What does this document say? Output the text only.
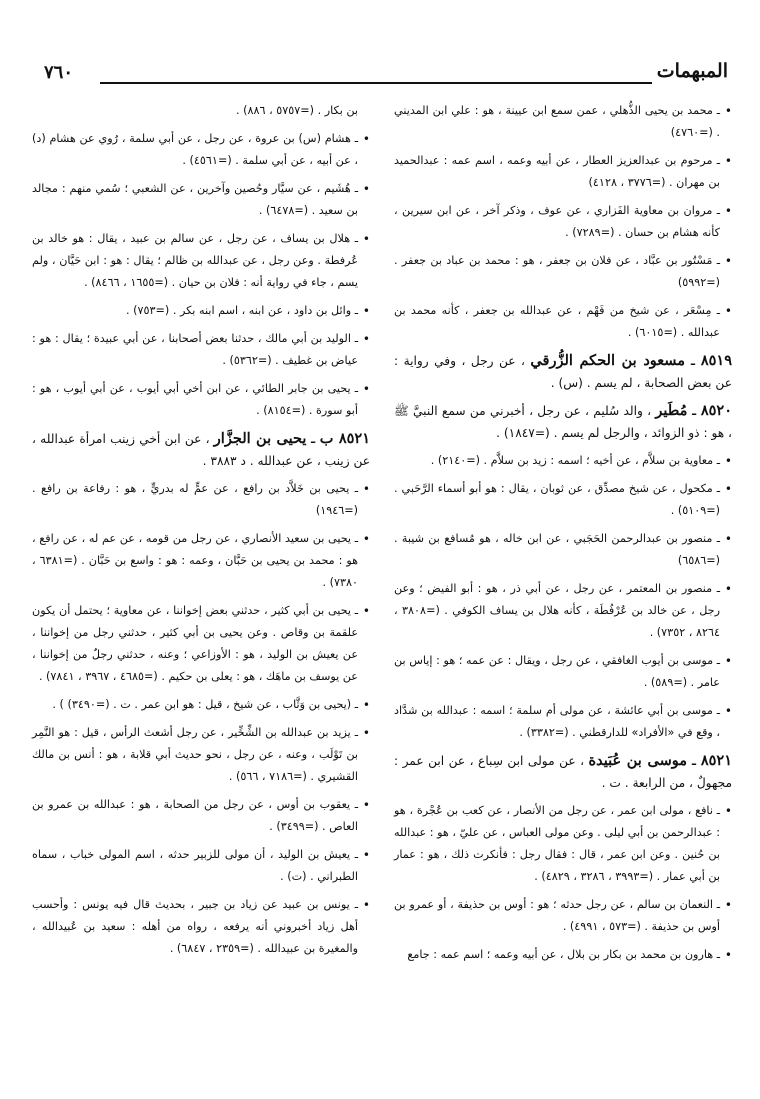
المبهمات
٧٦٠
• ـ محمد بن يحيى الذُّهلي ، عمن سمع ابن عيينة ، هو : علي ابن المديني . (=٤٧٦٠)
• ـ مرحوم بن عبدالعزيز العطار ، عن أبيه وعمه ، اسم عمه : عبدالحميد بن مهران . (=٣٧٧٦ ، ٤١٢٨)
• ـ مروان بن معاوية الفَزاري ، عن عوف ، وذكر آخر ، عن ابن سيرين ، كأنه هشام بن حسان . (=٧٢٨٩) .
• ـ مَسْتُور بن عبَّاد ، عن فلان بن جعفر ، هو : محمد بن عباد بن جعفر . (=٥٩٩٢)
• ـ مِسْعَر ، عن شيخ من فَهْم ، عن عبدالله بن جعفر ، كأنه محمد بن عبدالله . (=٦٠١٥) .
٨٥١٩ ـ مسعود بن الحكم الزُّرقي ، عن رجل ، وفي رواية : عن بعض الصحابة ، لم يسم . (س) .
٨٥٢٠ ـ مُطَير ، والد سُليم ، عن رجل ، أخبرني من سمع النبيَّ ﷺ ، هو : ذو الزوائد ، والرجل لم يسم . (=١٨٤٧) .
• ـ معاوية بن سلاَّم ، عن أخيه ؛ اسمه : زيد بن سلاَّم . (=٢١٤٠) .
• ـ مكحول ، عن شيخ مصدِّق ، عن ثوبان ، يقال : هو أبو أسماء الرَّحَبي . (=٥١٠٩) .
• ـ منصور بن عبدالرحمن الحَجَبي ، عن ابن خاله ، هو مُسافع بن شيبة . (=٦٥٨٦)
• ـ منصور بن المعتمر ، عن رجل ، عن أبي ذر ، هو : أبو الفيض ؛ وعن رجل ، عن خالد بن عُرْفُطَة ، كأنه هلال بن يساف الكوفي . (=٣٨٠٨ ، ٨٢٦٤ ، ٧٣٥٢) .
• ـ موسى بن أيوب الغافقي ، عن رجل ، ويقال : عن عمه ؛ هو : إياس بن عامر . (=٥٨٩) .
• ـ موسى بن أبي عائشة ، عن مولى أم سلمة ؛ اسمه : عبدالله بن شدَّاد ، وقع في «الأفراد» للدارقطني . (=٣٣٨٢) .
٨٥٢١ ـ موسى بن عُبَيدة ، عن مولى ابن سِباع ، عن ابن عمر : مجهولٌ ، من الرابعة . ت .
• ـ نافع ، مولى ابن عمر ، عن رجل من الأنصار ، عن كعب بن عُجْرة ، هو : عبدالرحمن بن أبي ليلى . وعن مولى العباس ، عن عليّ ، هو : عبدالله بن حُنين . وعن ابن عمر ، قال : فقال رجل : فأنكرت ذلك ، هو : عمار بن أبي عمار . (=٣٩٩٣ ، ٣٢٨٦ ، ٤٨٢٩) .
• ـ النعمان بن سالم ، عن رجل حدثه ؛ هو : أوس بن حذيفة ، أو عمرو بن أوس بن حذيفة . (=٥٧٣ ، ٤٩٩١) .
• ـ هارون بن محمد بن بكار بن بلال ، عن أبيه وعمه ؛ اسم عمه : جامع
بن بكار . (=٥٧٥٧ ، ٨٨٦) .
• ـ هشام (س) بن عروة ، عن رجل ، عن أبي سلمة ، رُوي عن هشام (د) ، عن أبيه ، عن أبي سلمة . (=٤٥٦١) .
• ـ هُشَيم ، عن سيَّار وحُصين وآخرين ، عن الشعبي ؛ سُمي منهم : مجالد بن سعيد . (=٦٤٧٨) .
• ـ هلال بن يساف ، عن رجل ، عن سالم بن عبيد ، يقال : هو خالد بن عُرفطة . وعن رجل ، عن عبدالله بن ظالم ؛ يقال : هو : ابن حَيَّان ، ولم يسم ، جاء في رواية أنه : فلان بن حيان . (=١٦٥٥ ، ٨٤٦٦) .
• ـ وائل بن داود ، عن ابنه ، اسم ابنه بكر . (=٧٥٣) .
• ـ الوليد بن أبي مالك ، حدثنا بعض أصحابنا ، عن أبي عبيدة ؛ يقال : هو : عياض بن غطيف . (=٥٣٦٢) .
• ـ يحيى بن جابر الطائي ، عن ابن أخي أبي أيوب ، عن أبي أيوب ، هو : أبو سورة . (=٨١٥٤) .
٨٥٢١ ب ـ يحيى بن الجزَّار ، عن ابن أخي زينب امرأة عبدالله ، عن زينب ، عن عبدالله . د ٣٨٨٣ .
• ـ يحيى بن خَلاَّد بن رافع ، عن عمٍّ له بدريٍّ ، هو : رفاعة بن رافع . (=١٩٤٦)
• ـ يحيى بن سعيد الأنصاري ، عن رجل من قومه ، عن عم له ، عن رافع ، هو : محمد بن يحيى بن حَبَّان ، وعمه : هو : واسع بن حَبَّان . (=٦٣٨١ ، ٧٣٨٠) .
• ـ يحيى بن أبي كثير ، حدثني بعض إخواننا ، عن معاوية ؛ يحتمل أن يكون علقمة بن وقاص . وعن يحيى بن أبي كثير ، حدثني رجل من إخواننا ، عن يعيش بن الوليد ، هو : الأوزاعي ؛ وعنه ، حدثني رجلٌ من إخواننا ، عن يوسف بن ماهَك ، هو : يعلى بن حكيم . (=٤٦٨٥ ، ٣٩٦٧ ، ٧٨٤١) .
• ـ (يحيى بن وَثَّاب ، عن شيخ ، قيل : هو ابن عمر . ت . (=٣٤٩٠) ) .
• ـ يزيد بن عبدالله بن الشِّخِّير ، عن رجل أشعث الرأس ، قيل : هو النَّمِر بن تَوْلَب ، وعنه ، عن رجل ، نحو حديث أبي قلابة ، هو : أنس بن مالك القشيري . (=٧١٨٦ ، ٥٦٦) .
• ـ يعقوب بن أوس ، عن رجل من الصحابة ، هو : عبدالله بن عمرو بن العاص . (=٣٤٩٩) .
• ـ يعيش بن الوليد ، أن مولى للزبير حدثه ، اسم المولى خباب ، سماه الطبراني . (ت) .
• ـ يونس بن عبيد عن زياد بن جبير ، بحديث قال فيه يونس : وأحسب أهل زياد أخبروني أنه يرفعه ، رواه من أهله : سعيد بن عُبيدالله ، والمغيرة بن عبيدالله . (=٢٣٥٩ ، ٦٨٤٧) .
